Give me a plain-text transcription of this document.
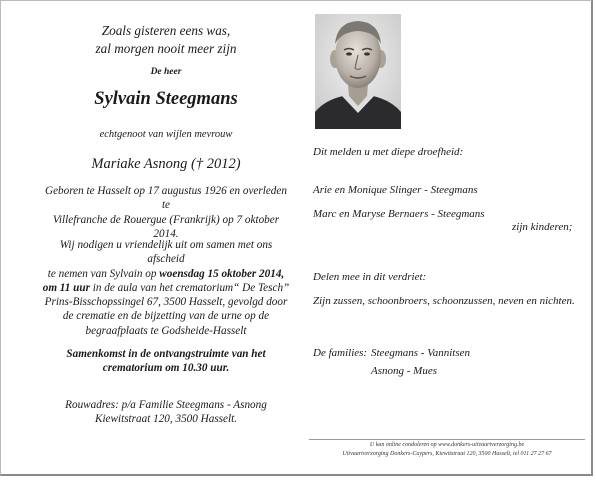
Zoals gisteren eens was,
zal morgen nooit meer zijn
De heer
Sylvain Steegmans
echtgenoot van wijlen mevrouw
Mariake Asnong († 2012)
Geboren te Hasselt op 17 augustus 1926 en overleden te
Villefranche de Rouergue (Frankrijk) op 7 oktober 2014.
Wij nodigen u vriendelijk uit om samen met ons afscheid
te nemen van Sylvain op woensdag 15 oktober 2014,
om 11 uur in de aula van het crematorium“ De Tesch”
Prins-Bisschopssingel 67, 3500 Hasselt, gevolgd door
de crematie en de bijzetting van de urne op de
begraafplaats te Godsheide-Hasselt
Samenkomst in de ontvangstruimte van het
crematorium om 10.30 uur.
Rouwadres: p/a Familie Steegmans - Asnong
Kiewitstraat 120, 3500 Hasselt.
Dit melden u met diepe droefheid:
Arie en Monique Slinger - Steegmans
Marc en Maryse Bernaers - Steegmans
zijn kinderen;
Delen mee in dit verdriet:
Zijn zussen, schoonbroers, schoonzussen, neven en nichten.
De families: Steegmans - Vannitsen
Asnong - Mues
U kan online condoleren op www.donkers-uitvaartverzorging.be
Uitvaartverzorging Donkers-Cuypers, Kiewitstraat 120, 3500 Hasselt, tel 011 27 27 67
